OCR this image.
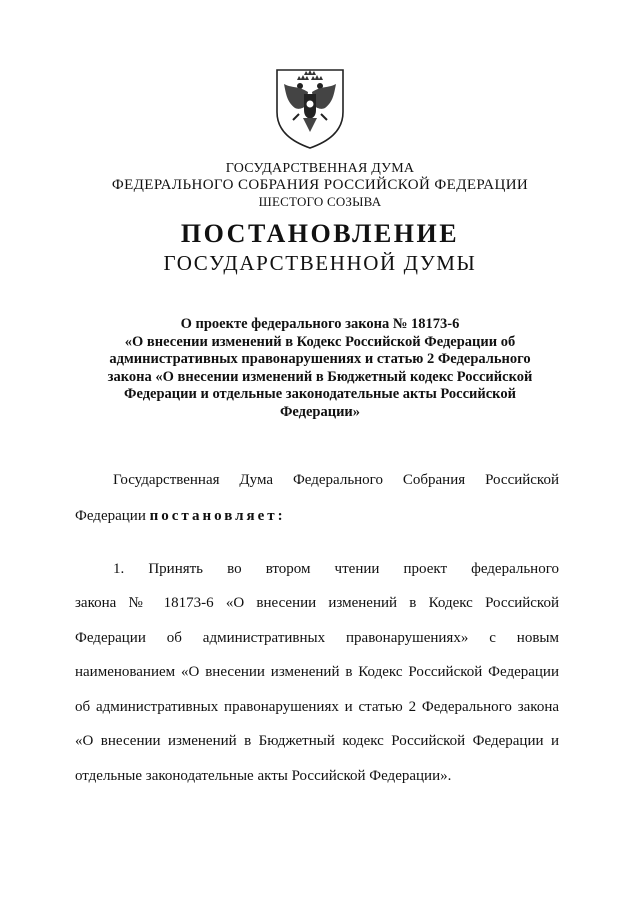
ГОСУДАРСТВЕННАЯ ДУМА
ФЕДЕРАЛЬНОГО СОБРАНИЯ РОССИЙСКОЙ ФЕДЕРАЦИИ
ШЕСТОГО СОЗЫВА
ПОСТАНОВЛЕНИЕ
ГОСУДАРСТВЕННОЙ ДУМЫ
О проекте федерального закона № 18173-6
«О внесении изменений в Кодекс Российской Федерации об
административных правонарушениях и статью 2 Федерального
закона «О внесении изменений в Бюджетный кодекс Российской
Федерации и отдельные законодательные акты Российской
Федерации»
Государственная Дума Федерального Собрания Российской
Федерации постановляет:
1. Принять во втором чтении проект федерального
закона № 18173-6 «О внесении изменений в Кодекс Российской
Федерации об административных правонарушениях» с новым
наименованием «О внесении изменений в Кодекс Российской Федерации
об административных правонарушениях и статью 2 Федерального закона
«О внесении изменений в Бюджетный кодекс Российской Федерации и
отдельные законодательные акты Российской Федерации».
